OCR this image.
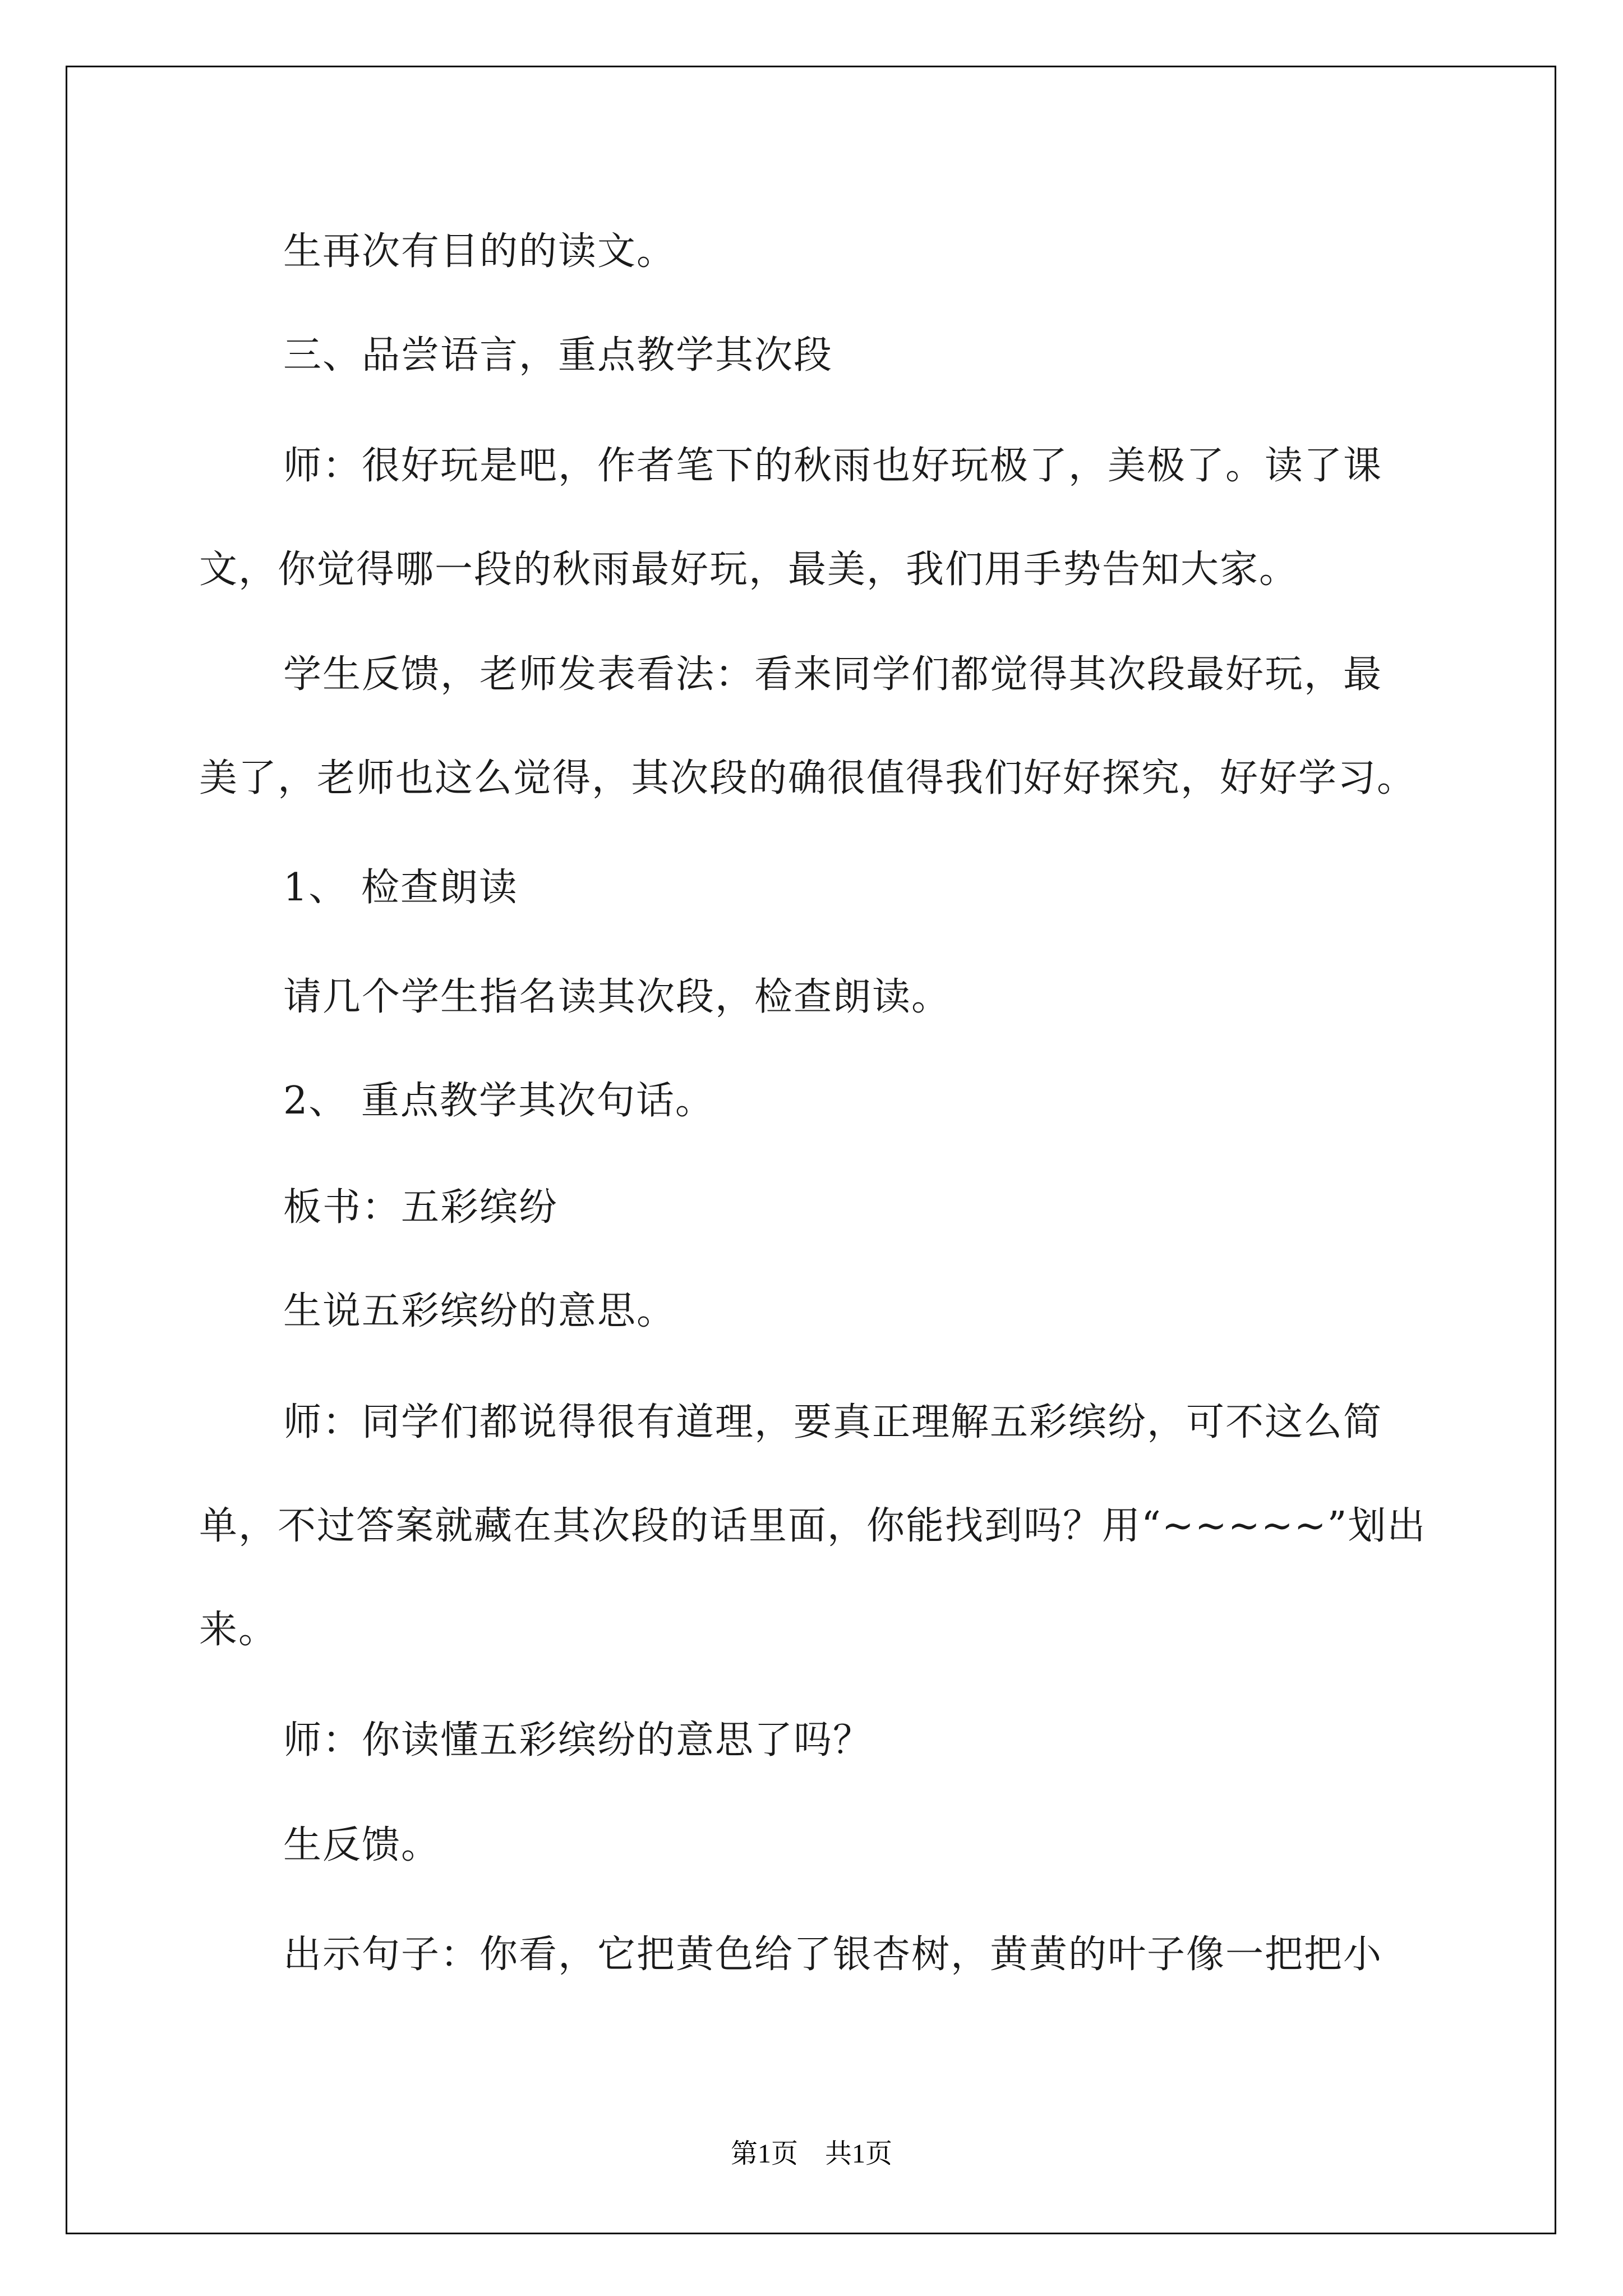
生再次有目的的读文。

三、品尝语言，重点教学其次段

师：很好玩是吧，作者笔下的秋雨也好玩极了，美极了。读了课

文，你觉得哪一段的秋雨最好玩，最美，我们用手势告知大家。

学生反馈，老师发表看法：看来同学们都觉得其次段最好玩，最

美了，老师也这么觉得，其次段的确很值得我们好好探究，好好学习。

1、 检查朗读

请几个学生指名读其次段，检查朗读。

2、 重点教学其次句话。

板书：五彩缤纷

生说五彩缤纷的意思。

师：同学们都说得很有道理，要真正理解五彩缤纷，可不这么简

单，不过答案就藏在其次段的话里面，你能找到吗？用“~~~~~”划出

来。

师：你读懂五彩缤纷的意思了吗？

生反馈。

出示句子：你看，它把黄色给了银杏树，黄黄的叶子像一把把小

第1页　共1页
